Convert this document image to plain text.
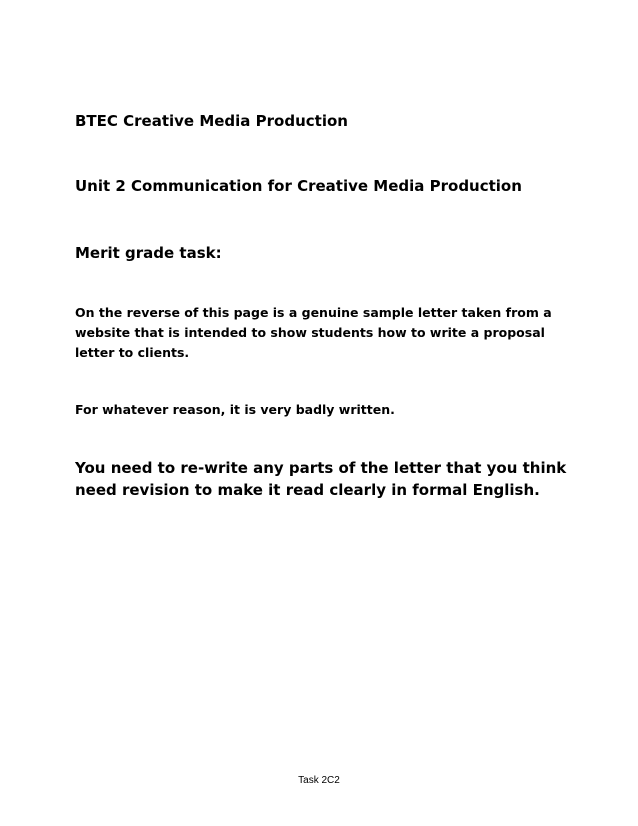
BTEC Creative Media Production

Unit 2 Communication for Creative Media Production

Merit grade task:

On the reverse of this page is a genuine sample letter taken from a

website that is intended to show students how to write a proposal

letter to clients.

For whatever reason, it is very badly written.

You need to re-write any parts of the letter that you think

need revision to make it read clearly in formal English.

Task 2C2
